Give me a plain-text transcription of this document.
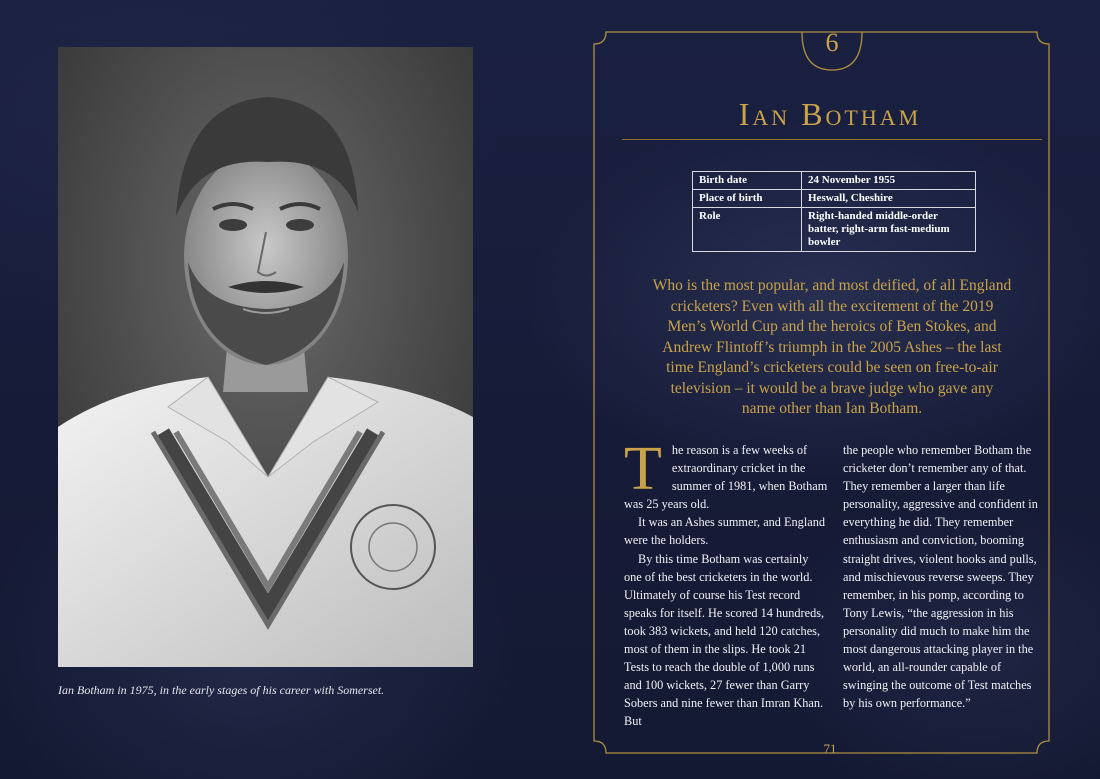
Ian Botham in 1975, in the early stages of his career with Somerset.
6
Ian Botham
Birth date	24 November 1955
Place of birth	Heswall, Cheshire
Role	Right-handed middle-order batter, right-arm fast-medium bowler
Who is the most popular, and most deified, of all England cricketers? Even with all the excitement of the 2019 Men’s World Cup and the heroics of Ben Stokes, and Andrew Flintoff’s triumph in the 2005 Ashes – the last time England’s cricketers could be seen on free-to-air television – it would be a brave judge who gave any name other than Ian Botham.

The reason is a few weeks of extraordinary cricket in the summer of 1981, when Botham was 25 years old.

It was an Ashes summer, and England were the holders.

By this time Botham was certainly one of the best cricketers in the world. Ultimately of course his Test record speaks for itself. He scored 14 hundreds, took 383 wickets, and held 120 catches, most of them in the slips. He took 21 Tests to reach the double of 1,000 runs and 100 wickets, 27 fewer than Garry Sobers and nine fewer than Imran Khan. But

the people who remember Botham the cricketer don’t remember any of that. They remember a larger than life personality, aggressive and confident in everything he did. They remember enthusiasm and conviction, booming straight drives, violent hooks and pulls, and mischievous reverse sweeps. They remember, in his pomp, according to Tony Lewis, “the aggression in his personality did much to make him the most dangerous attacking player in the world, an all-rounder capable of swinging the outcome of Test matches by his own performance.”

71
